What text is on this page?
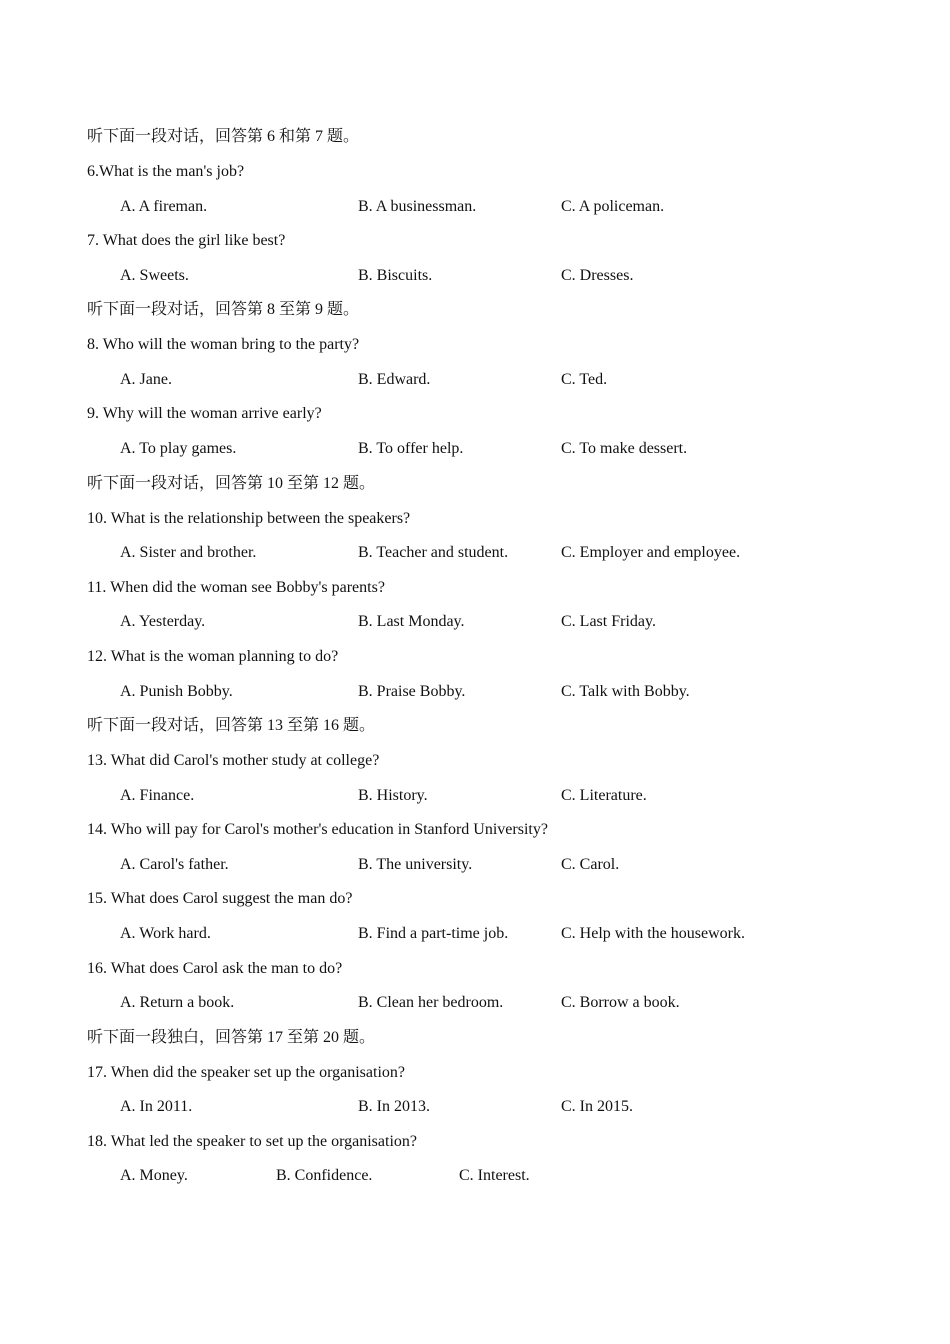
听下面一段对话，回答第 6 和第 7 题。
6.What is the man's job?
A. A fireman.	B. A businessman.	C. A policeman.
7. What does the girl like best?
A. Sweets.	B. Biscuits.	C. Dresses.
听下面一段对话，回答第 8 至第 9 题。
8. Who will the woman bring to the party?
A. Jane.	B. Edward.	C. Ted.
9. Why will the woman arrive early?
A. To play games.	B. To offer help.	C. To make dessert.
听下面一段对话，回答第 10 至第 12 题。
10. What is the relationship between the speakers?
A. Sister and brother.	B. Teacher and student.	C. Employer and employee.
11. When did the woman see Bobby's parents?
A. Yesterday.	B. Last Monday.	C. Last Friday.
12. What is the woman planning to do?
A. Punish Bobby.	B. Praise Bobby.	C. Talk with Bobby.
听下面一段对话，回答第 13 至第 16 题。
13. What did Carol's mother study at college?
A. Finance.	B. History.	C. Literature.
14. Who will pay for Carol's mother's education in Stanford University?
A. Carol's father.	B. The university.	C. Carol.
15. What does Carol suggest the man do?
A. Work hard.	B. Find a part-time job.	C. Help with the housework.
16. What does Carol ask the man to do?
A. Return a book.	B. Clean her bedroom.	C. Borrow a book.
听下面一段独白，回答第 17 至第 20 题。
17. When did the speaker set up the organisation?
A. In 2011.	B. In 2013.	C. In 2015.
18. What led the speaker to set up the organisation?
A. Money.	B. Confidence.	C. Interest.
